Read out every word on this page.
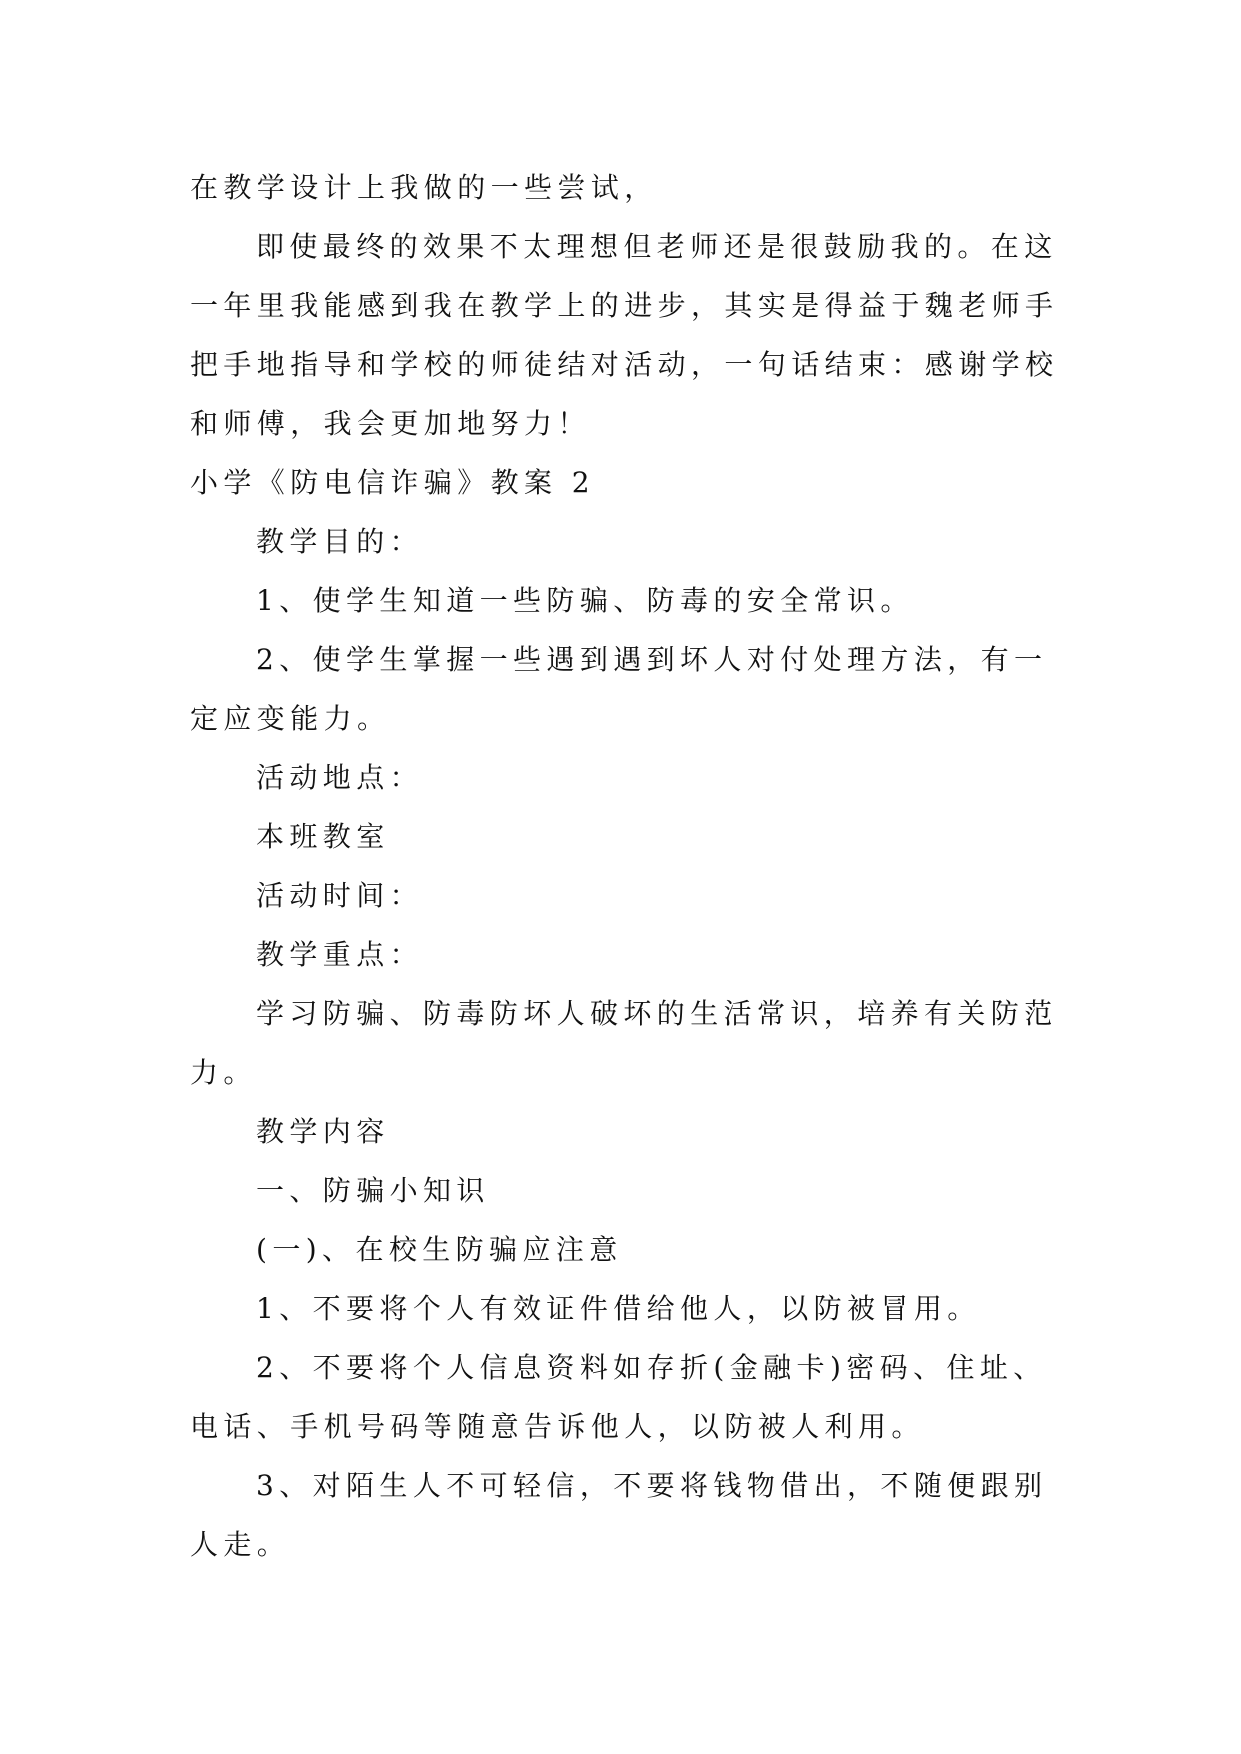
在教学设计上我做的一些尝试，
即使最终的效果不太理想但老师还是很鼓励我的。在这
一年里我能感到我在教学上的进步，其实是得益于魏老师手
把手地指导和学校的师徒结对活动，一句话结束：感谢学校
和师傅，我会更加地努力！
小学《防电信诈骗》教案 2
教学目的：
1、使学生知道一些防骗、防毒的安全常识。
2、使学生掌握一些遇到遇到坏人对付处理方法，有一
定应变能力。
活动地点：
本班教室
活动时间：
教学重点：
学习防骗、防毒防坏人破坏的生活常识，培养有关防范
力。
教学内容
一、防骗小知识
(一)、在校生防骗应注意
1、不要将个人有效证件借给他人，以防被冒用。
2、不要将个人信息资料如存折(金融卡)密码、住址、
电话、手机号码等随意告诉他人，以防被人利用。
3、对陌生人不可轻信，不要将钱物借出，不随便跟别
人走。
